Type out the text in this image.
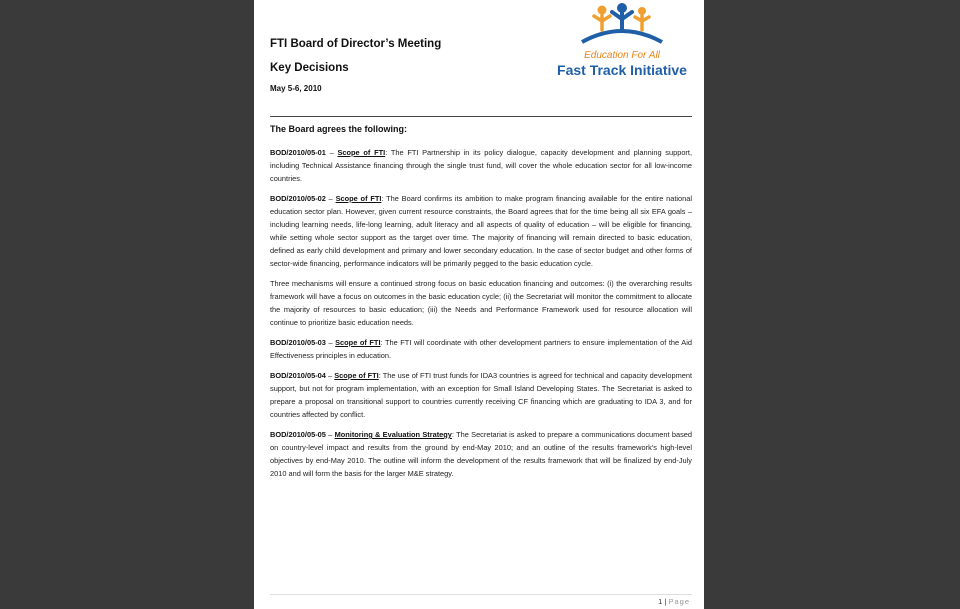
FTI Board of Director’s Meeting
Key Decisions
May 5-6, 2010
Education For All
Fast Track Initiative
The Board agrees the following:

BOD/2010/05-01 – Scope of FTI: The FTI Partnership in its policy dialogue, capacity development and planning support, including Technical Assistance financing through the single trust fund, will cover the whole education sector for all low-income countries.

BOD/2010/05-02 – Scope of FTI: The Board confirms its ambition to make program financing available for the entire national education sector plan. However, given current resource constraints, the Board agrees that for the time being all six EFA goals – including learning needs, life-long learning, adult literacy and all aspects of quality of education – will be eligible for financing, while setting whole sector support as the target over time. The majority of financing will remain directed to basic education, defined as early child development and primary and lower secondary education. In the case of sector budget and other forms of sector-wide financing, performance indicators will be primarily pegged to the basic education cycle.

Three mechanisms will ensure a continued strong focus on basic education financing and outcomes: (i) the overarching results framework will have a focus on outcomes in the basic education cycle; (ii) the Secretariat will monitor the commitment to allocate the majority of resources to basic education; (iii) the Needs and Performance Framework used for resource allocation will continue to prioritize basic education needs.

BOD/2010/05-03 – Scope of FTI: The FTI will coordinate with other development partners to ensure implementation of the Aid Effectiveness principles in education.

BOD/2010/05-04 – Scope of FTI: The use of FTI trust funds for IDA3 countries is agreed for technical and capacity development support, but not for program implementation, with an exception for Small Island Developing States. The Secretariat is asked to prepare a proposal on transitional support to countries currently receiving CF financing which are graduating to IDA 3, and for countries affected by conflict.

BOD/2010/05-05 – Monitoring & Evaluation Strategy: The Secretariat is asked to prepare a communications document based on country-level impact and results from the ground by end-May 2010; and an outline of the results framework’s high-level objectives by end-May 2010. The outline will inform the development of the results framework that will be finalized by end-July 2010 and will form the basis for the larger M&E strategy.

1 | Page
